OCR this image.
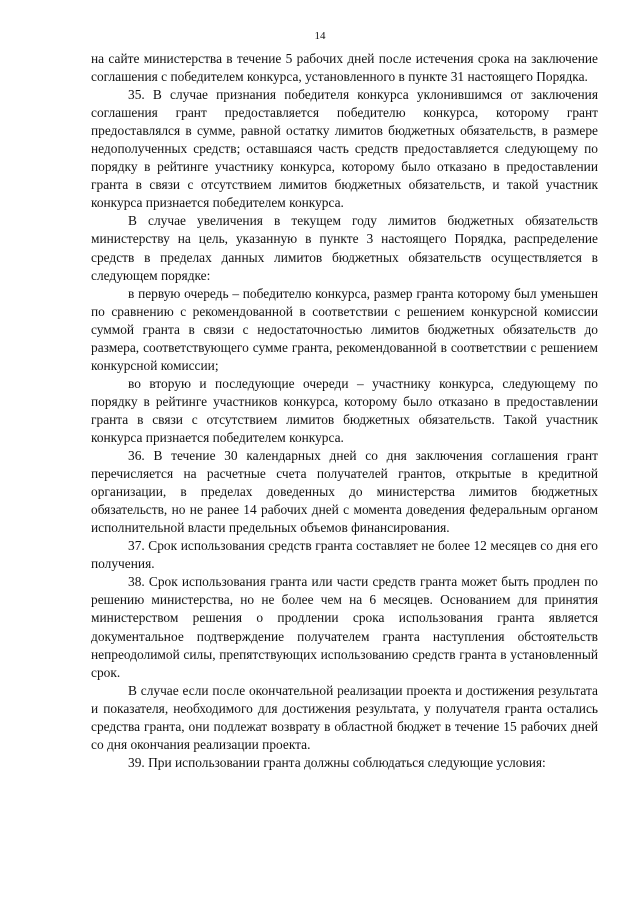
14

на сайте министерства в течение 5 рабочих дней после истечения срока на заключение соглашения с победителем конкурса, установленного в пункте 31 настоящего Порядка.

35. В случае признания победителя конкурса уклонившимся от заключения соглашения грант предоставляется победителю конкурса, которому грант предоставлялся в сумме, равной остатку лимитов бюджетных обязательств, в размере недополученных средств; оставшаяся часть средств предоставляется следующему по порядку в рейтинге участнику конкурса, которому было отказано в предоставлении гранта в связи с отсутствием лимитов бюджетных обязательств, и такой участник конкурса признается победителем конкурса.

В случае увеличения в текущем году лимитов бюджетных обязательств министерству на цель, указанную в пункте 3 настоящего Порядка, распределение средств в пределах данных лимитов бюджетных обязательств осуществляется в следующем порядке:

в первую очередь – победителю конкурса, размер гранта которому был уменьшен по сравнению с рекомендованной в соответствии с решением конкурсной комиссии суммой гранта в связи с недостаточностью лимитов бюджетных обязательств до размера, соответствующего сумме гранта, рекомендованной в соответствии с решением конкурсной комиссии;

во вторую и последующие очереди – участнику конкурса, следующему по порядку в рейтинге участников конкурса, которому было отказано в предоставлении гранта в связи с отсутствием лимитов бюджетных обязательств. Такой участник конкурса признается победителем конкурса.

36. В течение 30 календарных дней со дня заключения соглашения грант перечисляется на расчетные счета получателей грантов, открытые в кредитной организации, в пределах доведенных до министерства лимитов бюджетных обязательств, но не ранее 14 рабочих дней с момента доведения федеральным органом исполнительной власти предельных объемов финансирования.

37. Срок использования средств гранта составляет не более 12 месяцев со дня его получения.

38. Срок использования гранта или части средств гранта может быть продлен по решению министерства, но не более чем на 6 месяцев. Основанием для принятия министерством решения о продлении срока использования гранта является документальное подтверждение получателем гранта наступления обстоятельств непреодолимой силы, препятствующих использованию средств гранта в установленный срок.

В случае если после окончательной реализации проекта и достижения результата и показателя, необходимого для достижения результата, у получателя гранта остались средства гранта, они подлежат возврату в областной бюджет в течение 15 рабочих дней со дня окончания реализации проекта.

39. При использовании гранта должны соблюдаться следующие условия:
